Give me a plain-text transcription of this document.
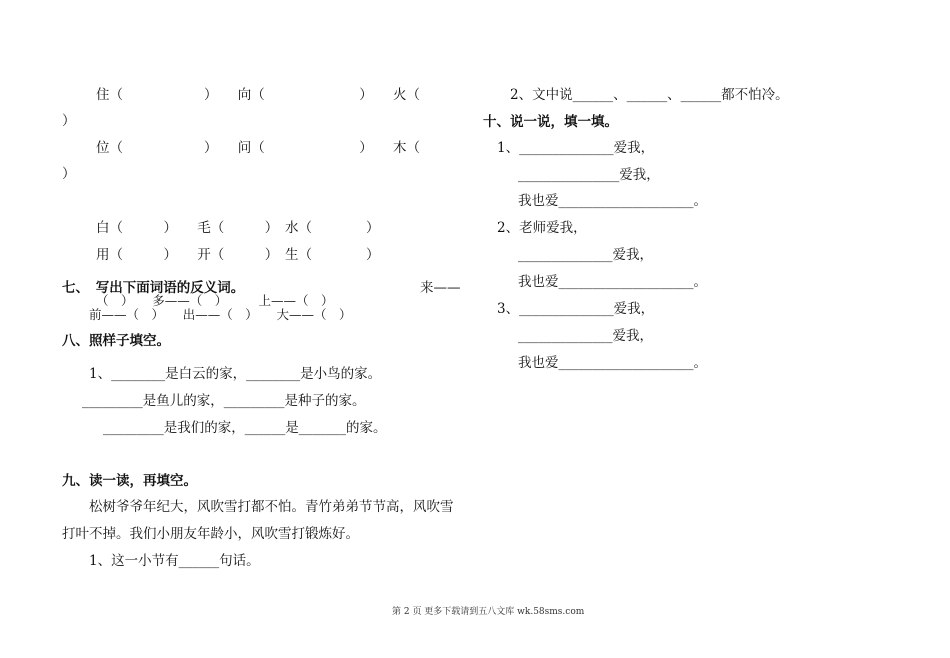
住（　　　　　　）　　向（　　　　　　　）　　火（
）
位（　　　　　　）　　问（　　　　　　　）　　木（
）
白（　　　）　　毛（　　　）　水（　　　　）
用（　　　）　　开（　　　）　生（　　　　）
七、　写出下面词语的反义词。	来——
（　）　　多——（　）　　　上——（　）
前——（　）　　出——（　）　　大——（　）
八、照样子填空。
1、________是白云的家，________是小鸟的家。
_________是鱼儿的家，_________是种子的家。
_________是我们的家，______是_______的家。
九、读一读，再填空。
松树爷爷年纪大，风吹雪打都不怕。青竹弟弟节节高，风吹雪
打叶不掉。我们小朋友年龄小，风吹雪打锻炼好。
1、这一小节有______句话。
2、文中说______、______、______都不怕冷。
十、说一说，填一填。
1、______________爱我，
_______________爱我，
我也爱____________________。
2、老师爱我，
______________爱我，
我也爱____________________。
3、______________爱我，
______________爱我，
我也爱____________________。
第 2 页 更多下载请到五八文库 wk.58sms.com
